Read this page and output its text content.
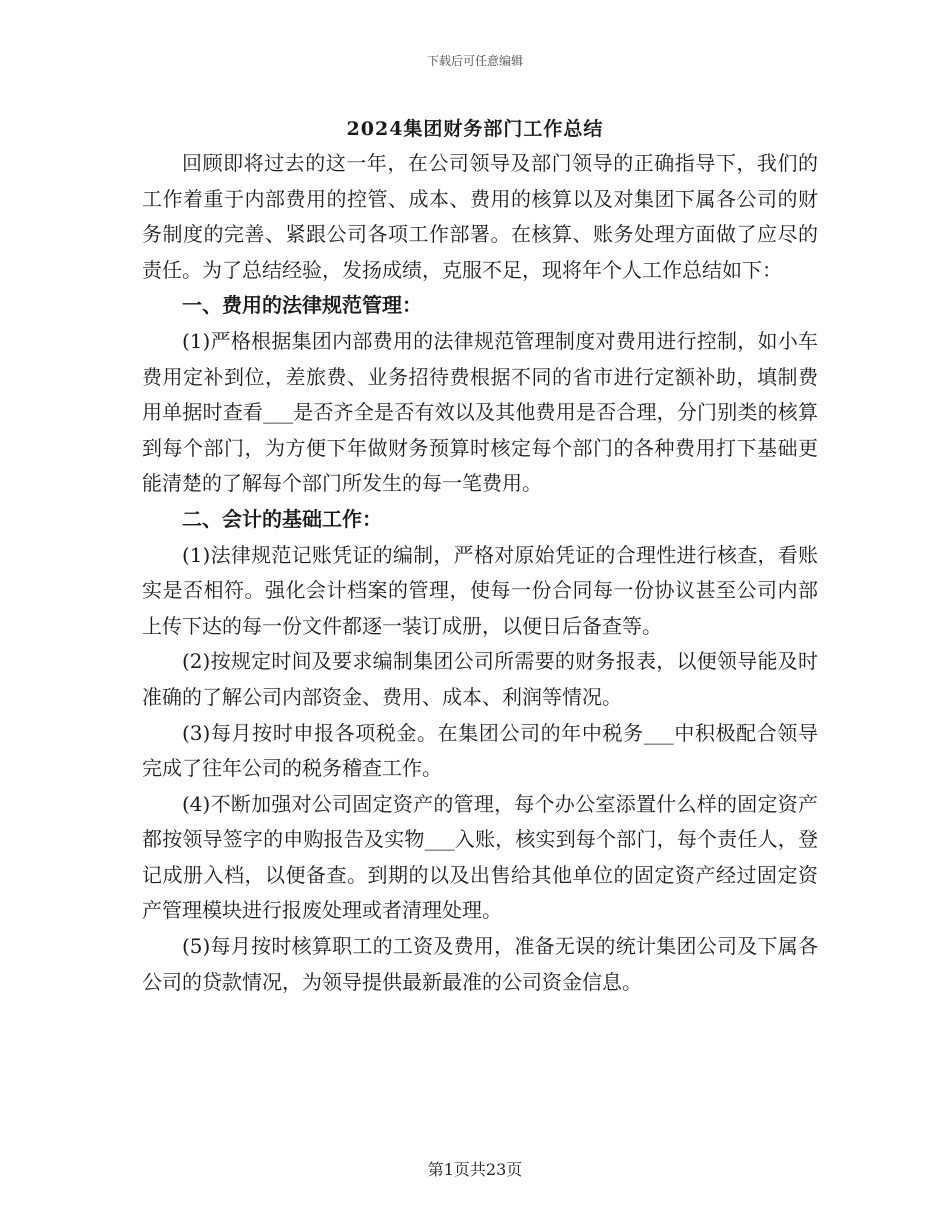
下载后可任意编辑
2024集团财务部门工作总结

回顾即将过去的这一年，在公司领导及部门领导的正确指导下，我们的工作着重于内部费用的控管、成本、费用的核算以及对集团下属各公司的财务制度的完善、紧跟公司各项工作部署。在核算、账务处理方面做了应尽的责任。为了总结经验，发扬成绩，克服不足，现将年个人工作总结如下：

一、费用的法律规范管理：

(1)严格根据集团内部费用的法律规范管理制度对费用进行控制，如小车费用定补到位，差旅费、业务招待费根据不同的省市进行定额补助，填制费用单据时查看___是否齐全是否有效以及其他费用是否合理，分门别类的核算到每个部门，为方便下年做财务预算时核定每个部门的各种费用打下基础更能清楚的了解每个部门所发生的每一笔费用。

二、会计的基础工作：

(1)法律规范记账凭证的编制，严格对原始凭证的合理性进行核查，看账实是否相符。强化会计档案的管理，使每一份合同每一份协议甚至公司内部上传下达的每一份文件都逐一装订成册，以便日后备查等。

(2)按规定时间及要求编制集团公司所需要的财务报表，以便领导能及时准确的了解公司内部资金、费用、成本、利润等情况。

(3)每月按时申报各项税金。在集团公司的年中税务___中积极配合领导完成了往年公司的税务稽查工作。

(4)不断加强对公司固定资产的管理，每个办公室添置什么样的固定资产都按领导签字的申购报告及实物___入账，核实到每个部门，每个责任人，登记成册入档，以便备查。到期的以及出售给其他单位的固定资产经过固定资产管理模块进行报废处理或者清理处理。

(5)每月按时核算职工的工资及费用，准备无误的统计集团公司及下属各公司的贷款情况，为领导提供最新最准的公司资金信息。

第1页共23页
